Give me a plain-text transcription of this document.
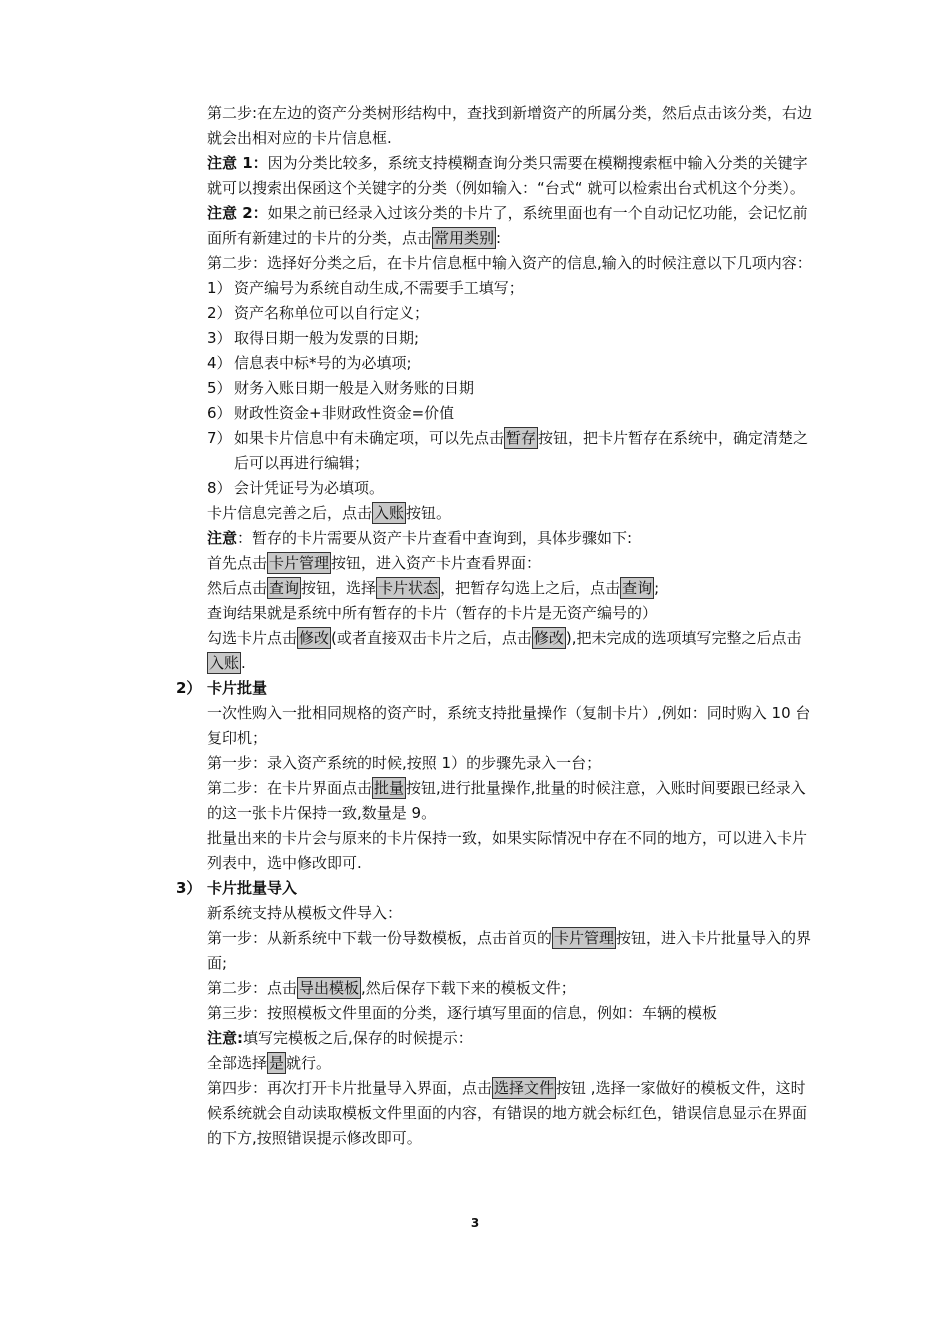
第二步:在左边的资产分类树形结构中，查找到新增资产的所属分类，然后点击该分类，右边就会出相对应的卡片信息框.

注意 1：因为分类比较多，系统支持模糊查询分类只需要在模糊搜索框中输入分类的关键字就可以搜索出保函这个关键字的分类（例如输入：“台式“ 就可以检索出台式机这个分类）。

注意 2：如果之前已经录入过该分类的卡片了，系统里面也有一个自动记忆功能，会记忆前面所有新建过的卡片的分类，点击 常用类别 :

第二步：选择好分类之后，在卡片信息框中输入资产的信息,输入的时候注意以下几项内容：

1） 资产编号为系统自动生成,不需要手工填写；
2） 资产名称单位可以自行定义；
3） 取得日期一般为发票的日期;
4） 信息表中标*号的为必填项;
5） 财务入账日期一般是入财务账的日期
6） 财政性资金+非财政性资金=价值
7） 如果卡片信息中有未确定项，可以先点击 暂存 按钮，把卡片暂存在系统中，确定清楚之后可以再进行编辑；
8） 会计凭证号为必填项。

卡片信息完善之后，点击 入账 按钮。

注意：暂存的卡片需要从资产卡片查看中查询到，具体步骤如下:

首先点击 卡片管理 按钮，进入资产卡片查看界面：

然后点击 查询 按钮，选择 卡片状态 ，把暂存勾选上之后，点击 查询 ;

查询结果就是系统中所有暂存的卡片（暂存的卡片是无资产编号的）

勾选卡片点击 修改 (或者直接双击卡片之后，点击 修改 ),把未完成的选项填写完整之后点击入账 .

2） 卡片批量

一次性购入一批相同规格的资产时，系统支持批量操作（复制卡片）,例如：同时购入 10 台复印机；

第一步：录入资产系统的时候,按照 1）的步骤先录入一台；

第二步：在卡片界面点击 批量 按钮,进行批量操作,批量的时候注意，入账时间要跟已经录入的这一张卡片保持一致,数量是 9。

批量出来的卡片会与原来的卡片保持一致，如果实际情况中存在不同的地方，可以进入卡片列表中，选中修改即可.

3） 卡片批量导入

新系统支持从模板文件导入：

第一步：从新系统中下载一份导数模板，点击首页的 卡片管理 按钮，进入卡片批量导入的界面;

第二步：点击 导出模板 ,然后保存下载下来的模板文件；

第三步：按照模板文件里面的分类，逐行填写里面的信息，例如：车辆的模板

注意:填写完模板之后,保存的时候提示：

全部选择 是 就行。

第四步：再次打开卡片批量导入界面，点击 选择文件 按钮 ,选择一家做好的模板文件，这时候系统就会自动读取模板文件里面的内容，有错误的地方就会标红色，错误信息显示在界面的下方,按照错误提示修改即可。

3
